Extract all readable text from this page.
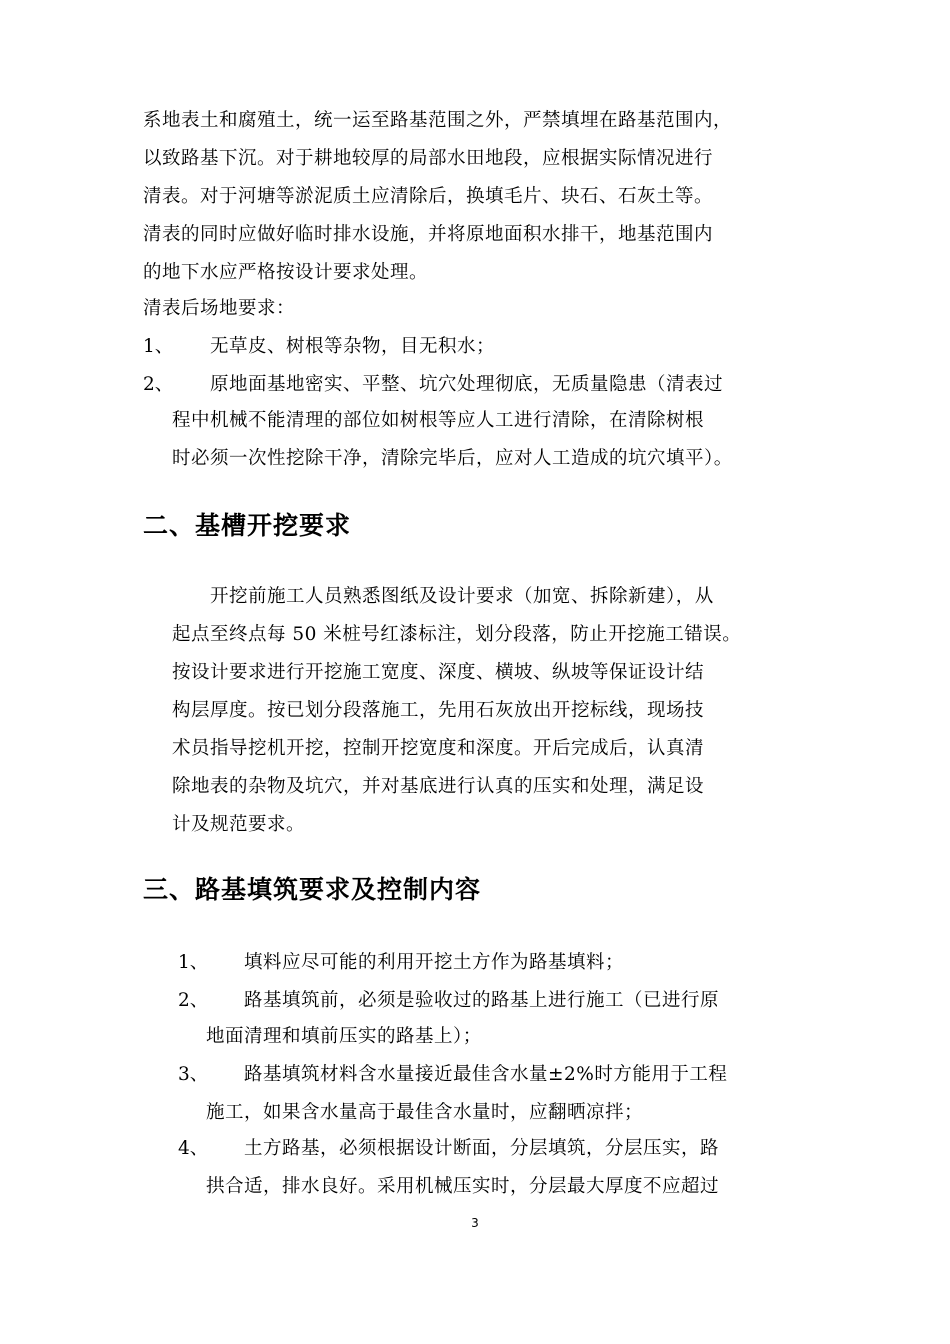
系地表土和腐殖土，统一运至路基范围之外，严禁填埋在路基范围内，
以致路基下沉。对于耕地较厚的局部水田地段，应根据实际情况进行
清表。对于河塘等淤泥质土应清除后，换填毛片、块石、石灰土等。
清表的同时应做好临时排水设施，并将原地面积水排干，地基范围内
的地下水应严格按设计要求处理。
清表后场地要求：
1、 无草皮、树根等杂物，目无积水；
2、 原地面基地密实、平整、坑穴处理彻底，无质量隐患（清表过
程中机械不能清理的部位如树根等应人工进行清除，在清除树根
时必须一次性挖除干净，清除完毕后，应对人工造成的坑穴填平）。
二、基槽开挖要求
开挖前施工人员熟悉图纸及设计要求（加宽、拆除新建），从
起点至终点每 50 米桩号红漆标注，划分段落，防止开挖施工错误。
按设计要求进行开挖施工宽度、深度、横坡、纵坡等保证设计结
构层厚度。按已划分段落施工，先用石灰放出开挖标线，现场技
术员指导挖机开挖，控制开挖宽度和深度。开后完成后，认真清
除地表的杂物及坑穴，并对基底进行认真的压实和处理，满足设
计及规范要求。
三、路基填筑要求及控制内容
1、 填料应尽可能的利用开挖土方作为路基填料；
2、 路基填筑前，必须是验收过的路基上进行施工（已进行原
地面清理和填前压实的路基上）；
3、 路基填筑材料含水量接近最佳含水量±2%时方能用于工程
施工，如果含水量高于最佳含水量时，应翻晒凉拌；
4、 土方路基，必须根据设计断面，分层填筑，分层压实，路
拱合适，排水良好。采用机械压实时，分层最大厚度不应超过
3
